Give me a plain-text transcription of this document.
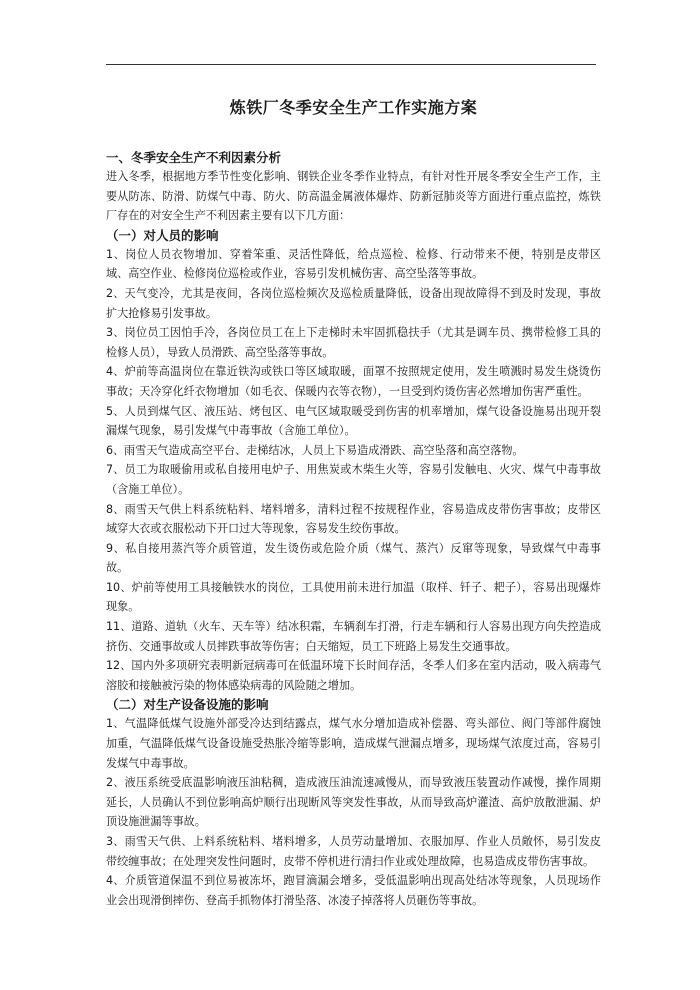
炼铁厂冬季安全生产工作实施方案
一、冬季安全生产不利因素分析

进入冬季，根据地方季节性变化影响、钢铁企业冬季作业特点，有针对性开展冬季安全生产工作，主要从防冻、防滑、防煤气中毒、防火、防高温金属液体爆炸、防新冠肺炎等方面进行重点监控，炼铁厂存在的对安全生产不利因素主要有以下几方面：

（一）对人员的影响

1、岗位人员衣物增加、穿着笨重、灵活性降低，给点巡检、检修、行动带来不便，特别是皮带区域、高空作业、检修岗位巡检或作业，容易引发机械伤害、高空坠落等事故。

2、天气变冷，尤其是夜间，各岗位巡检频次及巡检质量降低，设备出现故障得不到及时发现，事故扩大抢修易引发事故。

3、岗位员工因怕手冷，各岗位员工在上下走梯时未牢固抓稳扶手（尤其是调车员、携带检修工具的检修人员），导致人员滑跌、高空坠落等事故。

4、炉前等高温岗位在靠近铁沟或铁口等区域取暖，面罩不按照规定使用，发生喷溅时易发生烧烫伤事故；天冷穿化纤衣物增加（如毛衣、保暖内衣等衣物），一旦受到灼烫伤害必然增加伤害严重性。

5、人员到煤气区、液压站、烤包区、电气区域取暖受到伤害的机率增加，煤气设备设施易出现开裂漏煤气现象，易引发煤气中毒事故（含施工单位）。

6、雨雪天气造成高空平台、走梯结冰，人员上下易造成滑跌、高空坠落和高空落物。

7、员工为取暖偷用或私自接用电炉子、用焦炭或木柴生火等，容易引发触电、火灾、煤气中毒事故（含施工单位）。

8、雨雪天气供上料系统粘料、堵料增多，清料过程不按规程作业，容易造成皮带伤害事故；皮带区域穿大衣或衣服松动下开口过大等现象，容易发生绞伤事故。

9、私自接用蒸汽等介质管道，发生烫伤或危险介质（煤气、蒸汽）反窜等现象，导致煤气中毒事故。

10、炉前等使用工具接触铁水的岗位，工具使用前未进行加温（取样、钎子、耙子），容易出现爆炸现象。

11、道路、道轨（火车、天车等）结冰积霜，车辆刹车打滑，行走车辆和行人容易出现方向失控造成挤伤、交通事故或人员摔跌事故等伤害；白天缩短，员工下班路上易发生交通事故。

12、国内外多项研究表明新冠病毒可在低温环境下长时间存活，冬季人们多在室内活动，吸入病毒气溶胶和接触被污染的物体感染病毒的风险随之增加。

（二）对生产设备设施的影响

1、气温降低煤气设施外部受冷达到结露点，煤气水分增加造成补偿器、弯头部位、阀门等部件腐蚀加重，气温降低煤气设备设施受热胀冷缩等影响，造成煤气泄漏点增多，现场煤气浓度过高，容易引发煤气中毒事故。

2、液压系统受底温影响液压油粘稠，造成液压油流速减慢从，而导致液压装置动作减慢，操作周期延长，人员确认不到位影响高炉顺行出现断风等突发性事故，从而导致高炉灌渣、高炉放散泄漏、炉顶设施泄漏等事故。

3、雨雪天气供、上料系统粘料、堵料增多，人员劳动量增加、衣服加厚、作业人员敞怀，易引发皮带绞缠事故；在处理突发性问题时，皮带不停机进行清扫作业或处理故障，也易造成皮带伤害事故。

4、介质管道保温不到位易被冻坏，跑冒滴漏会增多，受低温影响出现高处结冰等现象，人员现场作业会出现滑倒摔伤、登高手抓物体打滑坠落、冰凌子掉落将人员砸伤等事故。
